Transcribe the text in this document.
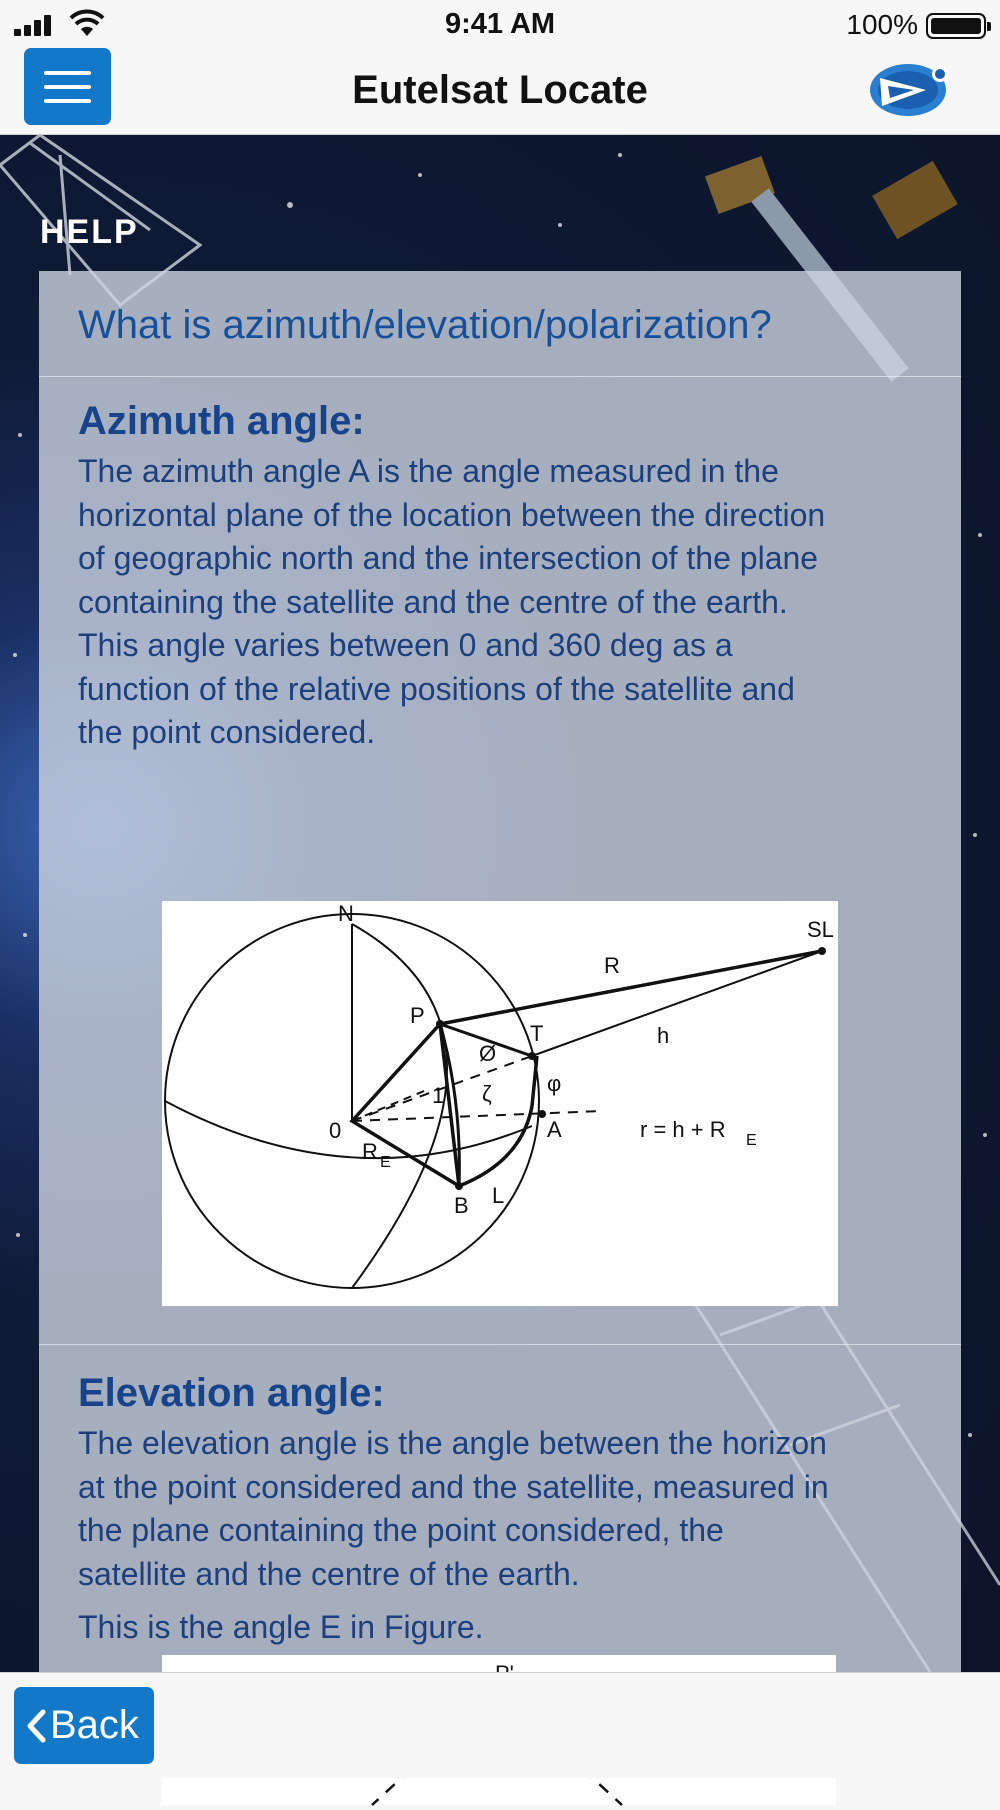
9:41 AM	100%
Eutelsat Locate
HELP
What is azimuth/elevation/polarization?
Azimuth angle:
The azimuth angle A is the angle measured in the
horizontal plane of the location between the direction
of geographic north and the intersection of the plane
containing the satellite and the centre of the earth.
This angle varies between 0 and 360 deg as a
function of the relative positions of the satellite and
the point considered.
N
SL
R
P
T	h
Ø
φ
ζ
1
0	A
R E
B L
r = h + R E
Elevation angle:
The elevation angle is the angle between the horizon
at the point considered and the satellite, measured in
the plane containing the point considered, the
satellite and the centre of the earth.
This is the angle E in Figure.
Back
